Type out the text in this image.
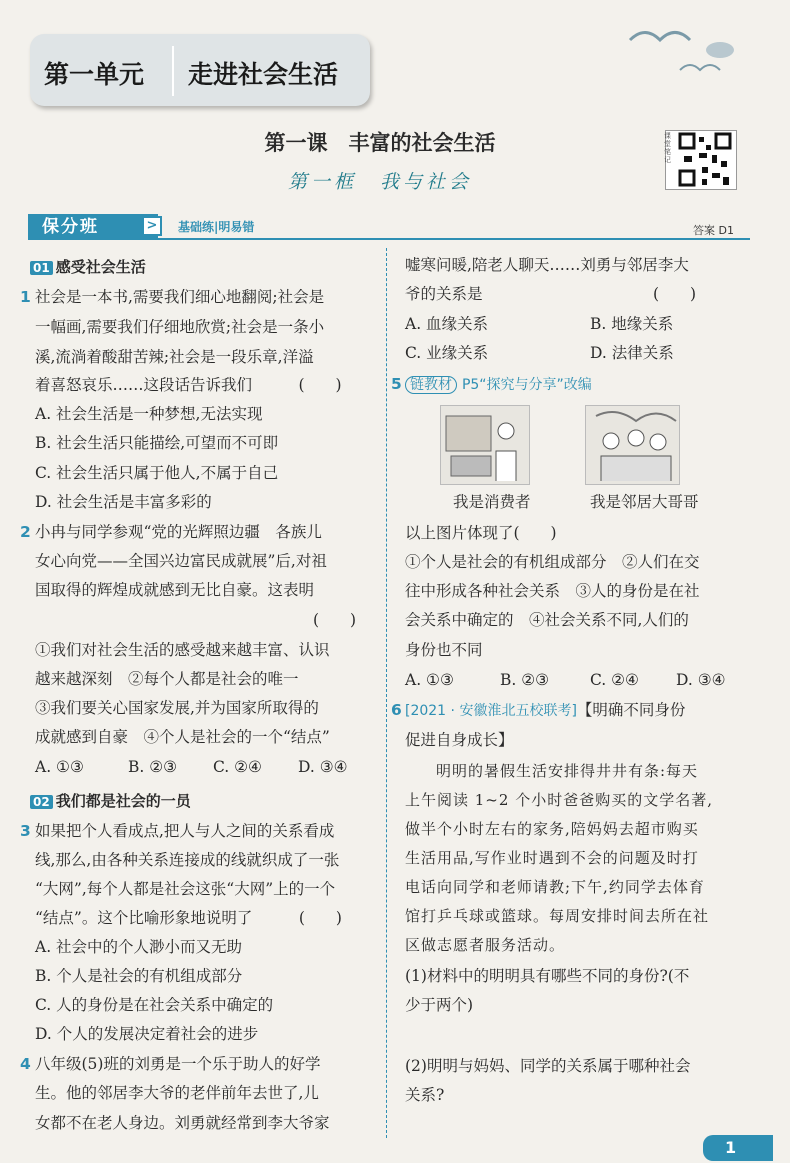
第一单元 走进社会生活
第一课　丰富的社会生活
第一框　我与社会
课堂笔记
保分班	>	基础练|明易错	答案 D1
01 感受社会生活
1 社会是一本书,需要我们细心地翻阅;社会是
一幅画,需要我们仔细地欣赏;社会是一条小
溪,流淌着酸甜苦辣;社会是一段乐章,洋溢
着喜怒哀乐……这段话告诉我们　　　(　　)
A. 社会生活是一种梦想,无法实现
B. 社会生活只能描绘,可望而不可即
C. 社会生活只属于他人,不属于自己
D. 社会生活是丰富多彩的
2 小冉与同学参观“党的光辉照边疆　各族儿
女心向党——全国兴边富民成就展”后,对祖
国取得的辉煌成就感到无比自豪。这表明
(　　)
①我们对社会生活的感受越来越丰富、认识
越来越深刻　②每个人都是社会的唯一
③我们要关心国家发展,并为国家所取得的
成就感到自豪　④个人是社会的一个“结点”
A. ①③	B. ②③ C. ②④ D. ③④
02 我们都是社会的一员
3 如果把个人看成点,把人与人之间的关系看成
线,那么,由各种关系连接成的线就织成了一张
“大网”,每个人都是社会这张“大网”上的一个
“结点”。这个比喻形象地说明了　　　(　　)
A. 社会中的个人渺小而又无助
B. 个人是社会的有机组成部分
C. 人的身份是在社会关系中确定的
D. 个人的发展决定着社会的进步
4 八年级(5)班的刘勇是一个乐于助人的好学
生。他的邻居李大爷的老伴前年去世了,儿
女都不在老人身边。刘勇就经常到李大爷家
嘘寒问暖,陪老人聊天……刘勇与邻居李大
爷的关系是　　　　　　　　　　　(　　)
A. 血缘关系	B. 地缘关系
C. 业缘关系	D. 法律关系
5 链教材 P5“探究与分享”改编
我是消费者	我是邻居大哥哥
以上图片体现了(　　)
①个人是社会的有机组成部分　②人们在交
往中形成各种社会关系　③人的身份是在社
会关系中确定的　④社会关系不同,人们的
身份也不同
A. ①③	B. ②③	C. ②④ D. ③④
6 [2021 · 安徽淮北五校联考]【明确不同身份
促进自身成长】
明明的暑假生活安排得井井有条:每天
上午阅读 1~2 个小时爸爸购买的文学名著,
做半个小时左右的家务,陪妈妈去超市购买
生活用品,写作业时遇到不会的问题及时打
电话向同学和老师请教;下午,约同学去体育
馆打乒乓球或篮球。每周安排时间去所在社
区做志愿者服务活动。
(1)材料中的明明具有哪些不同的身份?(不
少于两个)
(2)明明与妈妈、同学的关系属于哪种社会
关系?
1
